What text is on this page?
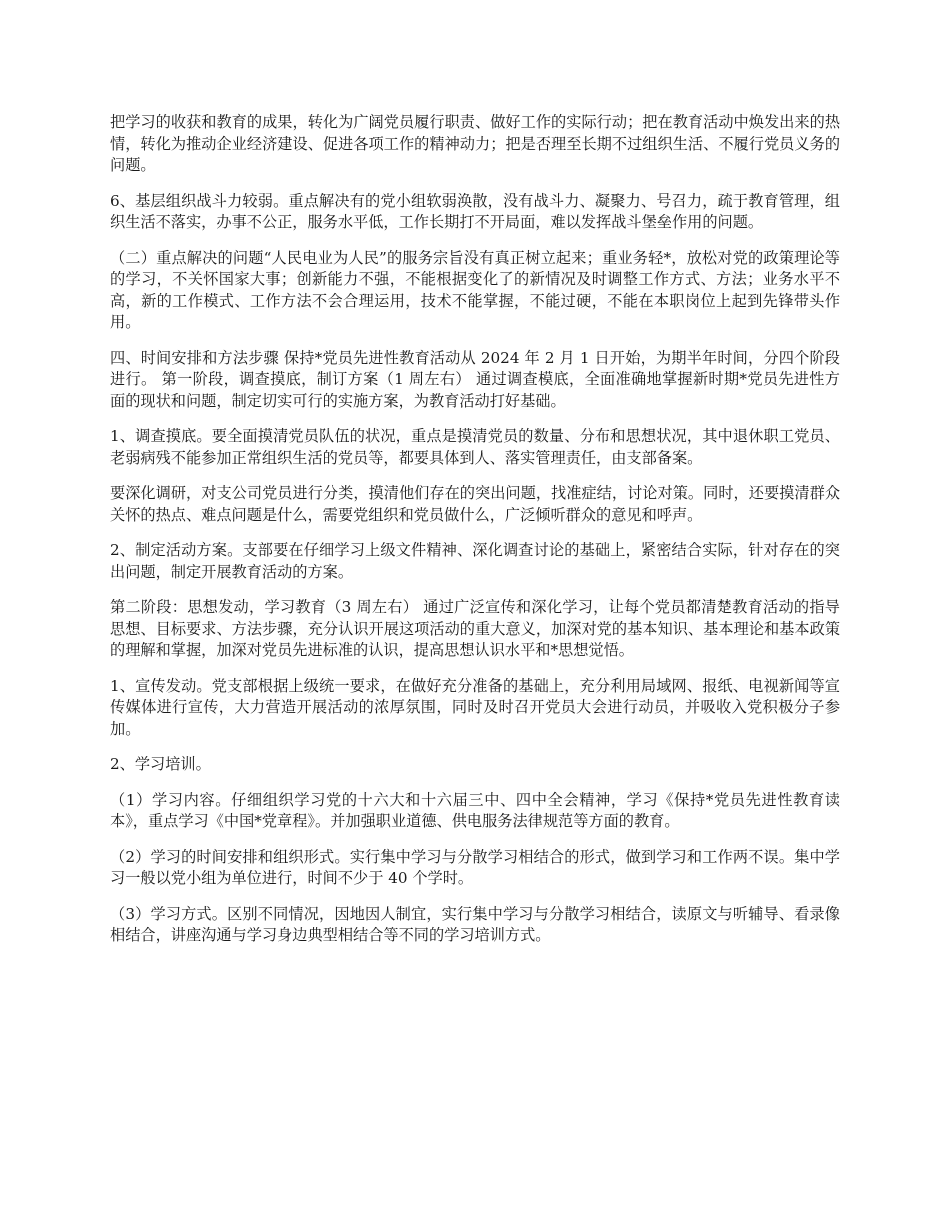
把学习的收获和教育的成果，转化为广阔党员履行职责、做好工作的实际行动；把在教育活动中焕发出来的热情，转化为推动企业经济建设、促进各项工作的精神动力；把是否理至长期不过组织生活、不履行党员义务的问题。

6、基层组织战斗力较弱。重点解决有的党小组软弱涣散，没有战斗力、凝聚力、号召力，疏于教育管理，组织生活不落实，办事不公正，服务水平低，工作长期打不开局面，难以发挥战斗堡垒作用的问题。

（二）重点解决的问题“人民电业为人民”的服务宗旨没有真正树立起来；重业务轻*，放松对党的政策理论等的学习，不关怀国家大事；创新能力不强，不能根据变化了的新情况及时调整工作方式、方法；业务水平不高，新的工作模式、工作方法不会合理运用，技术不能掌握，不能过硬，不能在本职岗位上起到先锋带头作用。

四、时间安排和方法步骤 保持*党员先进性教育活动从 2024 年 2 月 1 日开始，为期半年时间，分四个阶段进行。 第一阶段，调查摸底，制订方案（1 周左右） 通过调查模底，全面准确地掌握新时期*党员先进性方面的现状和问题，制定切实可行的实施方案，为教育活动打好基础。

1、调查摸底。要全面摸清党员队伍的状况，重点是摸清党员的数量、分布和思想状况，其中退休职工党员、老弱病残不能参加正常组织生活的党员等，都要具体到人、落实管理责任，由支部备案。

要深化调研，对支公司党员进行分类，摸清他们存在的突出问题，找准症结，讨论对策。同时，还要摸清群众关怀的热点、难点问题是什么，需要党组织和党员做什么，广泛倾听群众的意见和呼声。

2、制定活动方案。支部要在仔细学习上级文件精神、深化调查讨论的基础上，紧密结合实际，针对存在的突出问题，制定开展教育活动的方案。

第二阶段：思想发动，学习教育（3 周左右） 通过广泛宣传和深化学习，让每个党员都清楚教育活动的指导思想、目标要求、方法步骤，充分认识开展这项活动的重大意义，加深对党的基本知识、基本理论和基本政策的理解和掌握，加深对党员先进标准的认识，提高思想认识水平和*思想觉悟。

1、宣传发动。党支部根据上级统一要求，在做好充分准备的基础上，充分利用局域网、报纸、电视新闻等宣传媒体进行宣传，大力营造开展活动的浓厚氛围，同时及时召开党员大会进行动员，并吸收入党积极分子参加。

2、学习培训。

（1）学习内容。仔细组织学习党的十六大和十六届三中、四中全会精神，学习《保持*党员先进性教育读本》，重点学习《中国*党章程》。并加强职业道德、供电服务法律规范等方面的教育。

（2）学习的时间安排和组织形式。实行集中学习与分散学习相结合的形式，做到学习和工作两不误。集中学习一般以党小组为单位进行，时间不少于 40 个学时。

（3）学习方式。区别不同情况，因地因人制宜，实行集中学习与分散学习相结合，读原文与听辅导、看录像相结合，讲座沟通与学习身边典型相结合等不同的学习培训方式。
